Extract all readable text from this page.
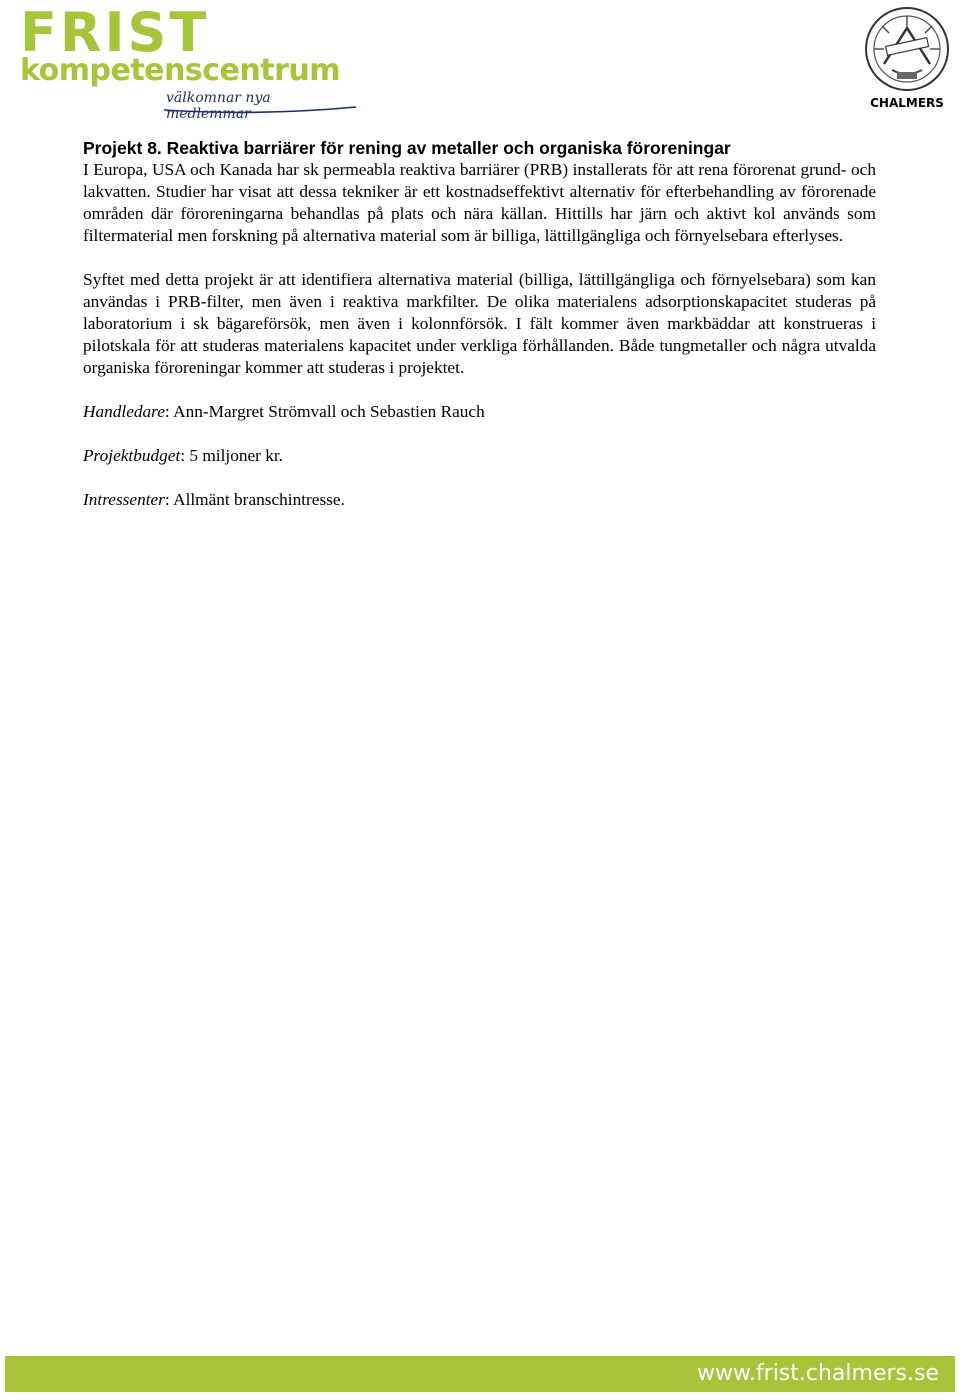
FRIST
kompetenscentrum
välkomnar nya medlemmar
CHALMERS
Projekt 8. Reaktiva barriärer för rening av metaller och organiska föroreningar

I Europa, USA och Kanada har sk permeabla reaktiva barriärer (PRB) installerats för att rena förorenat grund- och lakvatten. Studier har visat att dessa tekniker är ett kostnadseffektivt alternativ för efterbehandling av förorenade områden där föroreningarna behandlas på plats och nära källan. Hittills har järn och aktivt kol används som filtermaterial men forskning på alternativa material som är billiga, lättillgängliga och förnyelsebara efterlyses.

Syftet med detta projekt är att identifiera alternativa material (billiga, lättillgängliga och förnyelsebara) som kan användas i PRB-filter, men även i reaktiva markfilter. De olika materialens adsorptionskapacitet studeras på laboratorium i sk bägareförsök, men även i kolonnförsök. I fält kommer även markbäddar att konstrueras i pilotskala för att studeras materialens kapacitet under verkliga förhållanden. Både tungmetaller och några utvalda organiska föroreningar kommer att studeras i projektet.

Handledare: Ann-Margret Strömvall och Sebastien Rauch

Projektbudget: 5 miljoner kr.

Intressenter: Allmänt branschintresse.

www.frist.chalmers.se
